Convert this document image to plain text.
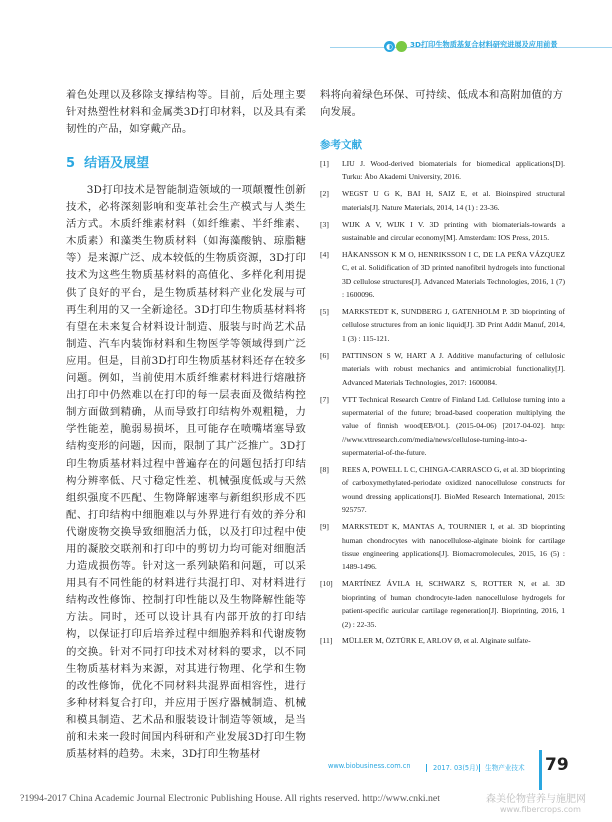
◐ 3D打印生物质基复合材料研究进展及应用前景
着色处理以及移除支撑结构等。目前，后处理主要针对热塑性材料和金属类3D打印材料，以及具有柔韧性的产品，如穿戴产品。
5 结语及展望
3D打印技术是智能制造领域的一项颠覆性创新技术，必将深刻影响和变革社会生产模式与人类生活方式。木质纤维素材料（如纤维素、半纤维素、木质素）和藻类生物质材料（如海藻酸钠、琼脂糖等）是来源广泛、成本较低的生物质资源，3D打印技术为这些生物质基材料的高值化、多样化利用提供了良好的平台，是生物质基材料产业化发展与可再生利用的又一全新途径。3D打印生物质基材料将有望在未来复合材料设计制造、服装与时尚艺术品制造、汽车内装饰材料和生物医学等领域得到广泛应用。但是，目前3D打印生物质基材料还存在较多问题。例如，当前使用木质纤维素材料进行熔融挤出打印中仍然难以在打印的每一层表面及微结构控制方面做到精确，从而导致打印结构外观粗糙，力学性能差，脆弱易损坏，且可能存在喷嘴堵塞导致结构变形的问题，因而，限制了其广泛推广。3D打印生物质基材料过程中普遍存在的问题包括打印结构分辨率低、尺寸稳定性差、机械强度低或与天然组织强度不匹配、生物降解速率与新组织形成不匹配、打印结构中细胞难以与外界进行有效的养分和代谢废物交换导致细胞活力低，以及打印过程中使用的凝胶交联剂和打印中的剪切力均可能对细胞活力造成损伤等。针对这一系列缺陷和问题，可以采用具有不同性能的材料进行共混打印、对材料进行结构改性修饰、控制打印性能以及生物降解性能等方法。同时，还可以设计具有内部开放的打印结构，以保证打印后培养过程中细胞养料和代谢废物的交换。针对不同打印技术对材料的要求，以不同生物质基材料为来源，对其进行物理、化学和生物的改性修饰，优化不同材料共混界面相容性，进行多种材料复合打印，并应用于医疗器械制造、机械和模具制造、艺术品和服装设计制造等领域，是当前和未来一段时间国内科研和产业发展3D打印生物质基材料的趋势。未来，3D打印生物基材
料将向着绿色环保、可持续、低成本和高附加值的方向发展。
参考文献
[1] LIU J. Wood-derived biomaterials for biomedical applications[D]. Turku: Åbo Akademi University, 2016.
[2] WEGST U G K, BAI H, SAIZ E, et al. Bioinspired structural materials[J]. Nature Materials, 2014, 14 (1) : 23-36.
[3] WIJK A V, WIJK I V. 3D printing with biomaterials-towards a sustainable and circular economy[M]. Amsterdam: IOS Press, 2015.
[4] HÅKANSSON K M O, HENRIKSSON I C, DE LA PEÑA VÁZQUEZ C, et al. Solidification of 3D printed nanofibril hydrogels into functional 3D cellulose structures[J]. Advanced Materials Technologies, 2016, 1 (7) : 1600096.
[5] MARKSTEDT K, SUNDBERG J, GATENHOLM P. 3D bioprinting of cellulose structures from an ionic liquid[J]. 3D Print Addit Manuf, 2014, 1 (3) : 115-121.
[6] PATTINSON S W, HART A J. Additive manufacturing of cellulosic materials with robust mechanics and antimicrobial functionality[J]. Advanced Materials Technologies, 2017: 1600084.
[7] VTT Technical Research Centre of Finland Ltd. Cellulose turning into a supermaterial of the future; broad-based cooperation multiplying the value of finnish wood[EB/OL]. (2015-04-06) [2017-04-02]. http: //www.vttresearch.com/media/news/cellulose-turning-into-a-supermaterial-of-the-future.
[8] REES A, POWELL L C, CHINGA-CARRASCO G, et al. 3D bioprinting of carboxymethylated-periodate oxidized nanocellulose constructs for wound dressing applications[J]. BioMed Research International, 2015: 925757.
[9] MARKSTEDT K, MANTAS A, TOURNIER I, et al. 3D bioprinting human chondrocytes with nanocellulose-alginate bioink for cartilage tissue engineering applications[J]. Biomacromolecules, 2015, 16 (5) : 1489-1496.
[10] MARTÍNEZ ÁVILA H, SCHWARZ S, ROTTER N, et al. 3D bioprinting of human chondrocyte-laden nanocellulose hydrogels for patient-specific auricular cartilage regeneration[J]. Bioprinting, 2016, 1 (2) : 22-35.
[11] MÜLLER M, ÖZTÜRK E, ARLOV Ø, et al. Alginate sulfate-
www.biobusiness.com.cn	2017. 03(5月) 生物产业技术 79
?1994-2017 China Academic Journal Electronic Publishing House. All rights reserved. http://www.cnki.net	森美伦物营养与施肥网
www.fibercrops.com
